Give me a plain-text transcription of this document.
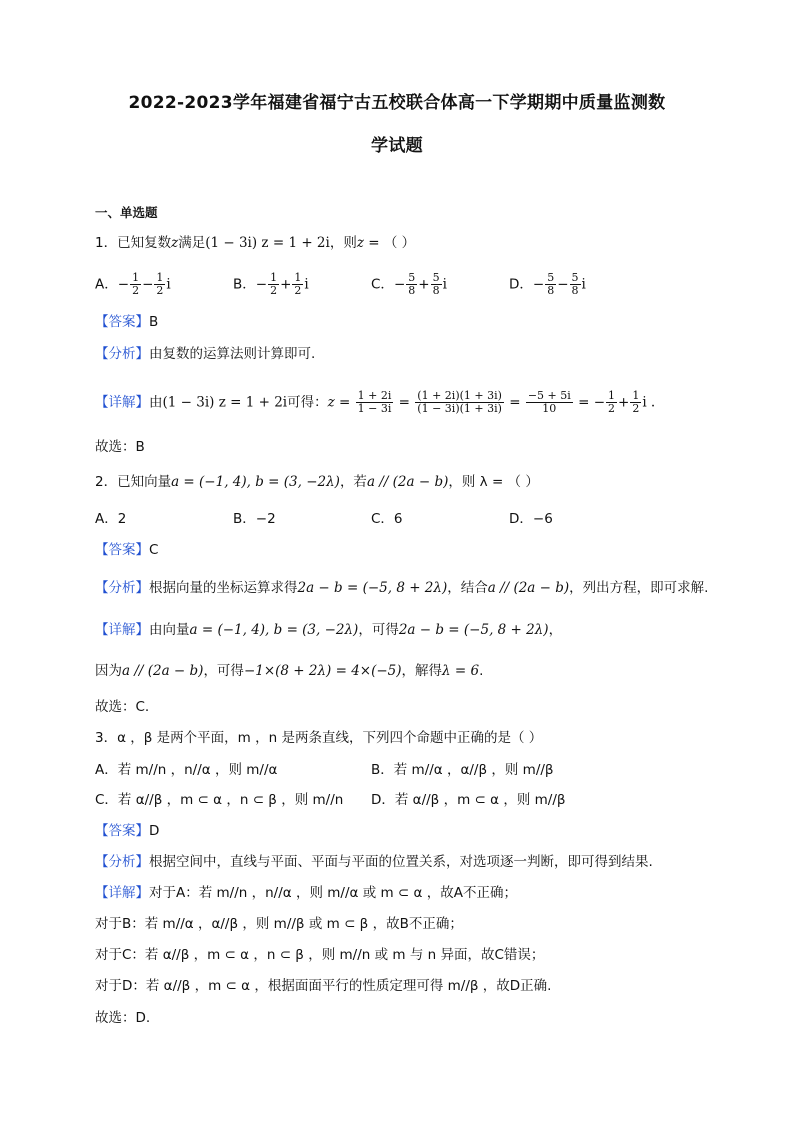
2022-2023学年福建省福宁古五校联合体高一下学期期中质量监测数
学试题
一、单选题
1．已知复数z满足(1 − 3i) z = 1 + 2i，则z = （ ）
A．− $\frac{1}{2} - \frac{1}{2}$ i	B．− $\frac{1}{2} + \frac{1}{2}$ i	C．− $\frac{5}{8} + \frac{5}{8}$ i	D．− $\frac{5}{8} - \frac{5}{8}$ i
【答案】B
【分析】由复数的运算法则计算即可.
【详解】由(1 − 3i) z = 1 + 2i可得：$z = \frac{1 + 2i}{1 - 3i} = \frac{(1 + 2i)(1 + 3i)}{(1 - 3i)(1 + 3i)} = \frac{-5 + 5i}{10}$ = − $\frac{1}{2} + \frac{1}{2}$ i .
故选：B
2．已知向量a = (−1, 4), b = (3, −2λ)，若a // (2a − b)，则 λ = （ ）
A．2	B．−2	C．6	D．−6
【答案】C
【分析】根据向量的坐标运算求得2a − b = (−5, 8 + 2λ)，结合a // (2a − b)，列出方程，即可求解.
【详解】由向量a = (−1, 4), b = (3, −2λ)，可得2a − b = (−5, 8 + 2λ)，
因为a // (2a − b)，可得−1×(8 + 2λ) = 4×(−5)，解得λ = 6.
故选：C.
3．α ，β 是两个平面，m ，n 是两条直线，下列四个命题中正确的是（ ）
A．若 m//n ，n//α ，则 m//α	B．若 m//α ，α//β ，则 m//β
C．若 α//β ，m ⊂ α ，n ⊂ β ，则 m//n D．若 α//β ，m ⊂ α ，则 m//β
【答案】D
【分析】根据空间中，直线与平面、平面与平面的位置关系，对选项逐一判断，即可得到结果.
【详解】对于A：若 m//n ，n//α ，则 m//α 或 m ⊂ α ，故A不正确；
对于B：若 m//α ，α//β ，则 m//β 或 m ⊂ β ，故B不正确；
对于C：若 α//β ，m ⊂ α ，n ⊂ β ，则 m//n 或 m 与 n 异面，故C错误；
对于D：若 α//β ，m ⊂ α ，根据面面平行的性质定理可得 m//β ，故D正确.
故选：D.
